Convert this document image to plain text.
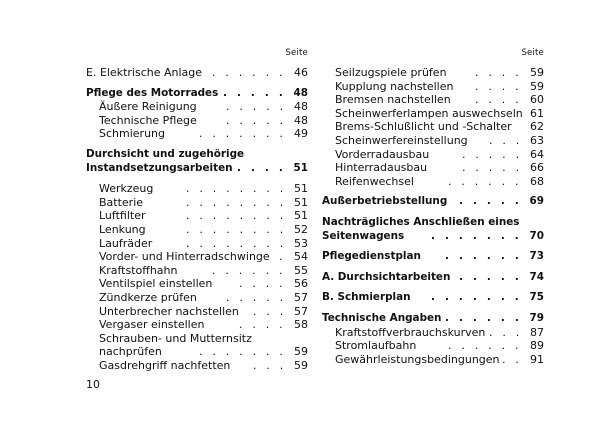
Seite
E. Elektrische Anlage . . . . . . 46
Pflege des Motorrades . . . . . 48
Äußere Reinigung	. . . . . 48
Technische Pflege	. . . . . 48
Schmierung	. . . . . . . 49
Durchsicht und zugehörige
Instandsetzungsarbeiten . . . . 51
Werkzeug	. . . . . . . . 51
Batterie	. . . . . . . . 51
Luftfilter	. . . . . . . . 51
Lenkung	. . . . . . . . 52
Laufräder	. . . . . . . . 53
Vorder- und Hinterradschwinge . 54
Kraftstoffhahn	. . . . . . 55
Ventilspiel einstellen . . . . 56
Zündkerze prüfen	. . . . . 57
Unterbrecher nachstellen . . . 57
Vergaser einstellen	. . . . 58
Schrauben- und Mutternsitz
nachprüfen	. . . . . . . 59
Gasdrehgriff nachfetten . . . 59
Seite
Seilzugspiele prüfen	. . . . 59
Kupplung nachstellen . . . . 59
Bremsen nachstellen . . . . 60
Scheinwerferlampen auswechseln 61
Brems-Schlußlicht und -Schalter 62
Scheinwerfereinstellung . . . 63
Vorderradausbau	. . . . . 64
Hinterradausbau	. . . . . 66
Reifenwechsel	. . . . . . 68
Außerbetriebstellung . . . . . 69
Nachträgliches Anschließen eines
Seitenwagens	. . . . . . . 70
Pflegedienstplan . . . . . . 73
A. Durchsichtarbeiten . . . . . 74
B. Schmierplan . . . . . . . 75
Technische Angaben . . . . . . 79
Kraftstoffverbrauchskurven . . . 87
Stromlaufbahn	. . . . . . 89
Gewährleistungsbedingungen . . 91
10
